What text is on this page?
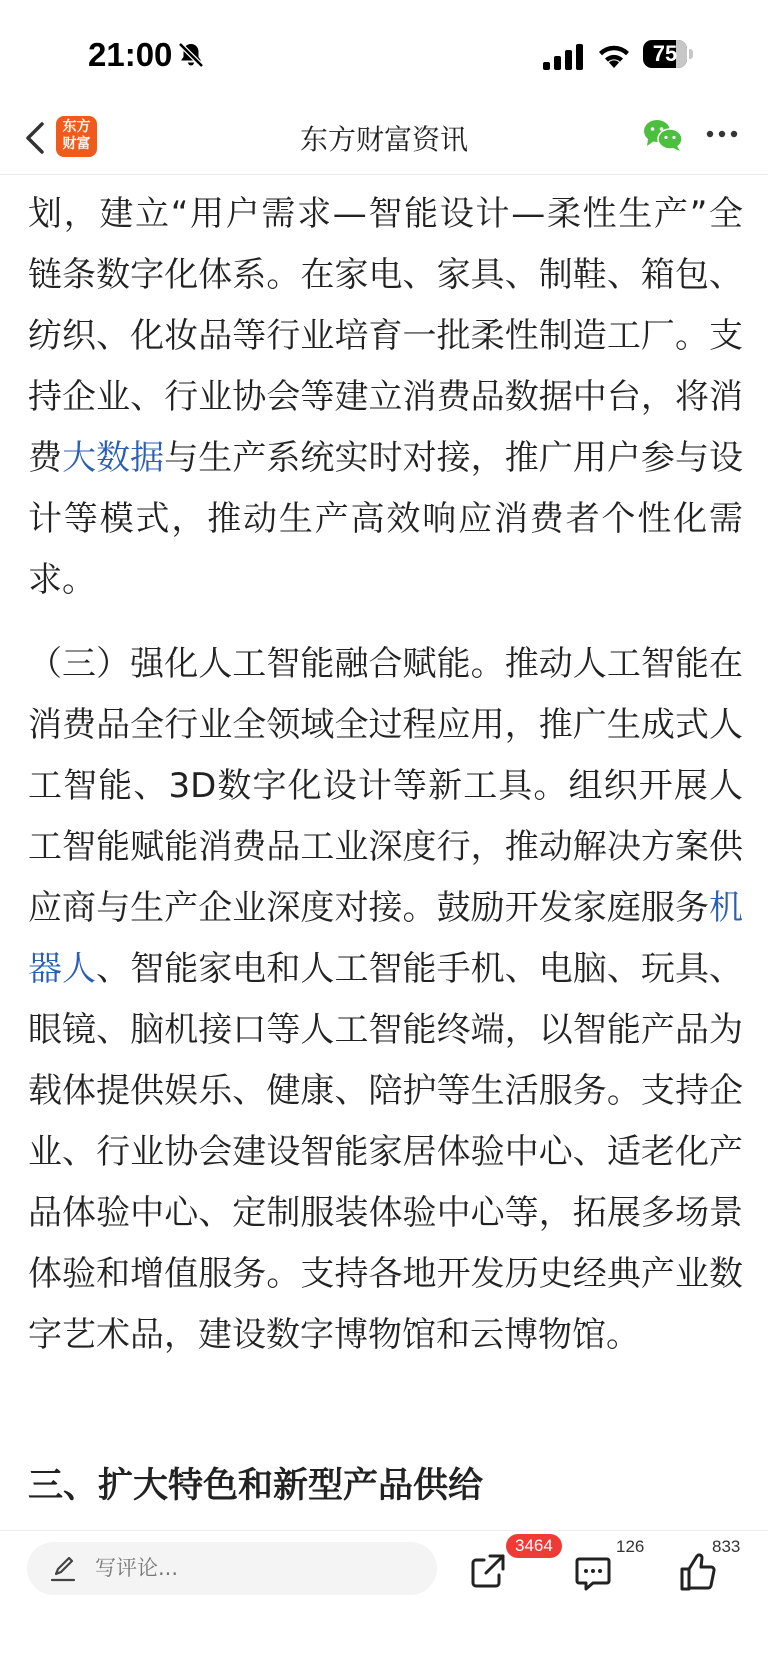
21:00	75
东方
财富	东方财富资讯

划，建立“用户需求—智能设计—柔性生产”全链条数字化体系。在家电、家具、制鞋、箱包、纺织、化妆品等行业培育一批柔性制造工厂。支持企业、行业协会等建立消费品数据中台，将消费大数据与生产系统实时对接，推广用户参与设计等模式，推动生产高效响应消费者个性化需求。

（三）强化人工智能融合赋能。推动人工智能在消费品全行业全领域全过程应用，推广生成式人工智能、3D数字化设计等新工具。组织开展人工智能赋能消费品工业深度行，推动解决方案供应商与生产企业深度对接。鼓励开发家庭服务机器人、智能家电和人工智能手机、电脑、玩具、眼镜、脑机接口等人工智能终端，以智能产品为载体提供娱乐、健康、陪护等生活服务。支持企业、行业协会建设智能家居体验中心、适老化产品体验中心、定制服装体验中心等，拓展多场景体验和增值服务。支持各地开发历史经典产业数字艺术品，建设数字博物馆和云博物馆。

三、扩大特色和新型产品供给
写评论...
3464	126	833
